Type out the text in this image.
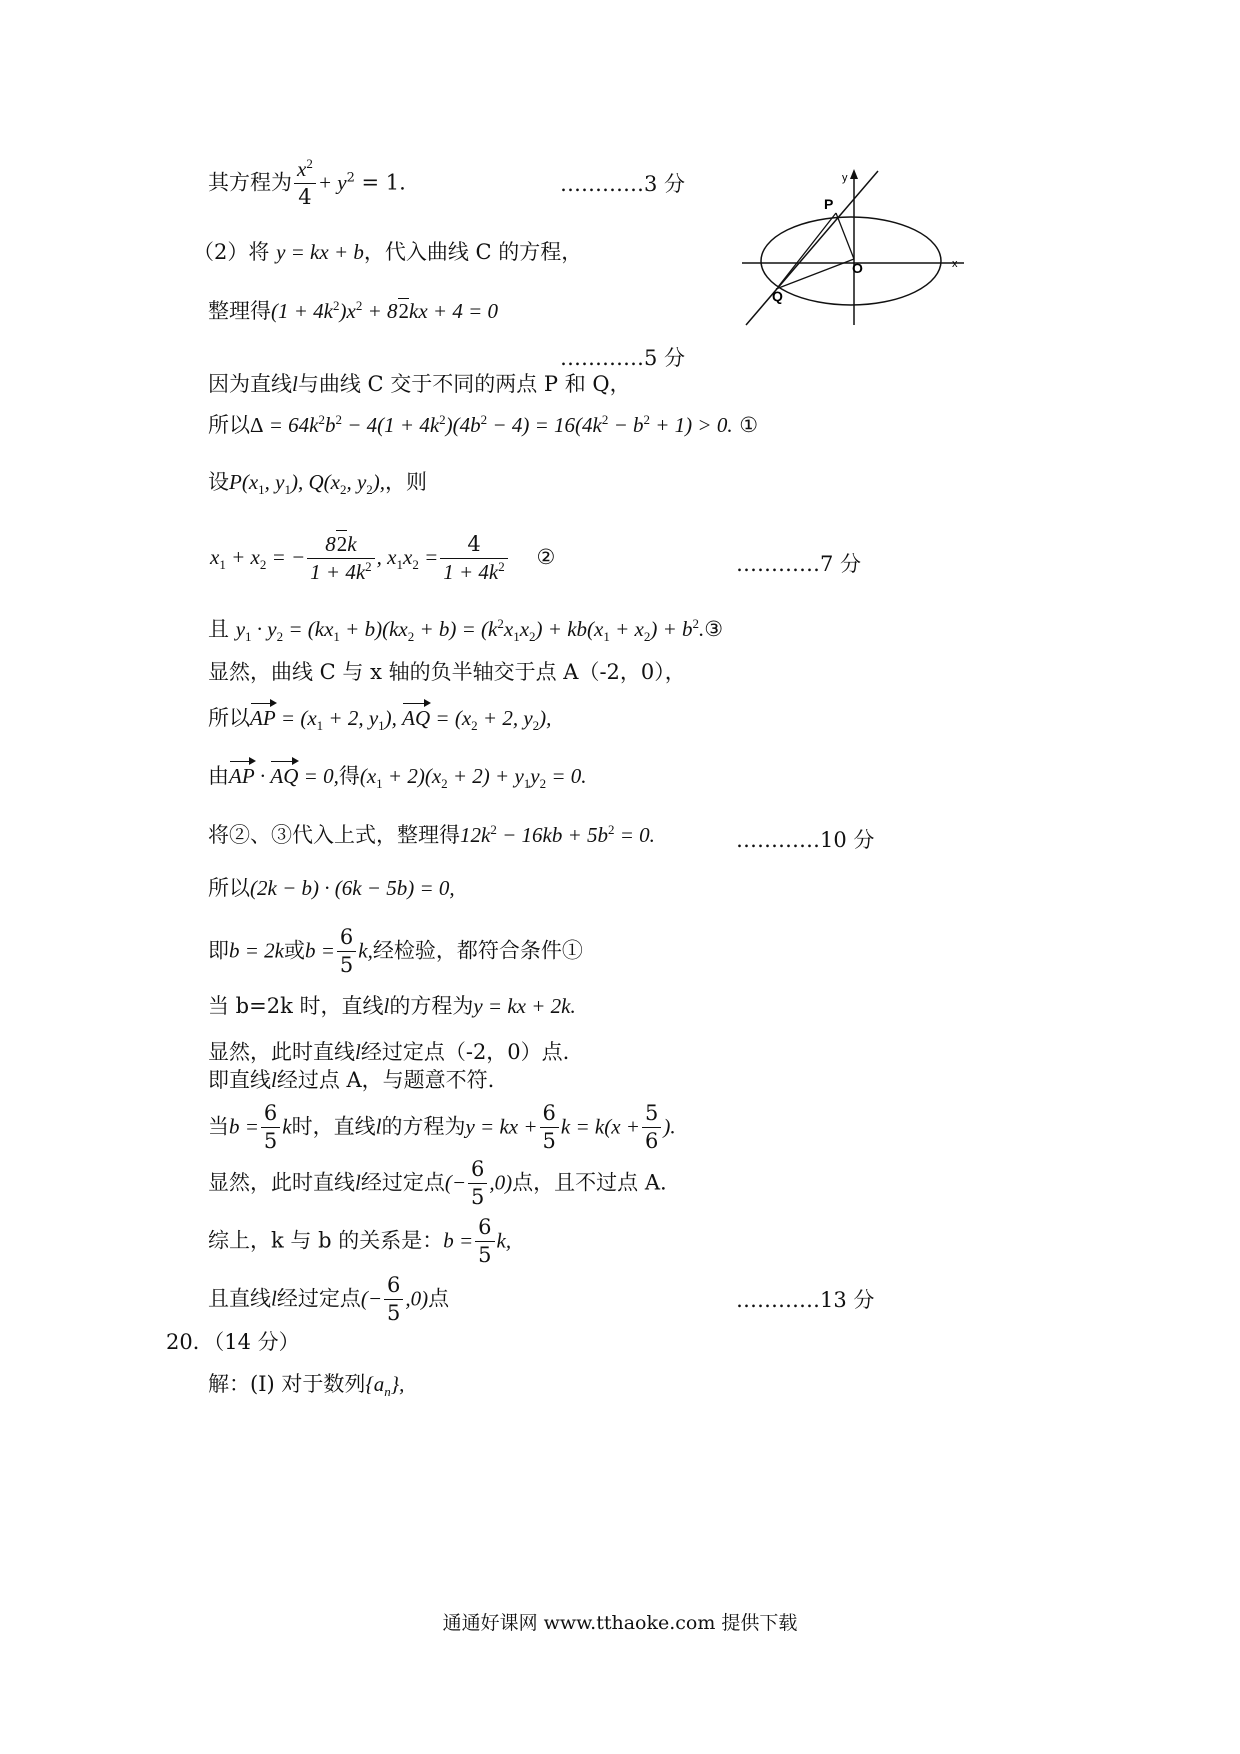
其方程为 $\frac{x^2}{4} + y^2 = 1$.	…………3 分	y
x
P
O
Q
（2）将 y = kx + b，代入曲线 C 的方程，
整理得$(1 + 4k^2)x^2 + 82kx + 4 = 0$
…………5 分
因为直线l与曲线 C 交于不同的两点 P 和 Q，
所以$\Delta = 64k^2b^2 - 4(1 + 4k^2)(4b^2 - 4) = 16(4k^2 - b^2 + 1) > 0$. ①
设$P(x_1$, $y_1$), $Q(x_2$, $y_2$),，则
$x_1 + x_2$ = − $\frac{82k}{1 + 4k^2}$ , $x_1x_2 = \frac{4}{1 + 4k^2}$ ②	…………7 分
且 $y_1 \cdot y_2 = (kx_1 + b)(kx_2 + b) = (k^2x_1x_2) + kb(x_1 + x_2)$ + $b^2.③$
显然，曲线 C 与 x 轴的负半轴交于点 A（-2，0），
所以AP = ($x_1 + 2$, $y_1$), AQ = ($x_2 + 2$, $y_2$),
由AP · AQ = 0,得$(x_1 + 2)(x_2 + 2) + y_1y_2 = 0$.
将②、③代入上式，整理得$12k^2 - 16kb + 5b^2 = 0$.	…………10 分
所以(2k − b) · (6k − 5b) = 0,
即b = 2k或$b = \frac{6}{5} k$,经检验，都符合条件①
当 b=2k 时，直线l的方程为y = kx + 2k.
显然，此时直线l经过定点（-2，0）点.
即直线l经过点 A，与题意不符.
当$b = \frac{6}{5}$ k时，直线l的方程为y = kx + $\frac{6}{5}$ $k = k(x + \frac{5}{6}$ ).
显然，此时直线l经过定点(− $\frac{6}{5} ,0$)点，且不过点 A.
综上，k 与 b 的关系是：$b = \frac{6}{5} k$,
且直线l经过定点(− $\frac{6}{5} ,0$)点	…………13 分
20．（14 分）
解：(I) 对于数列$\{a_n\}$,
通通好课网 www.tthaoke.com 提供下载
